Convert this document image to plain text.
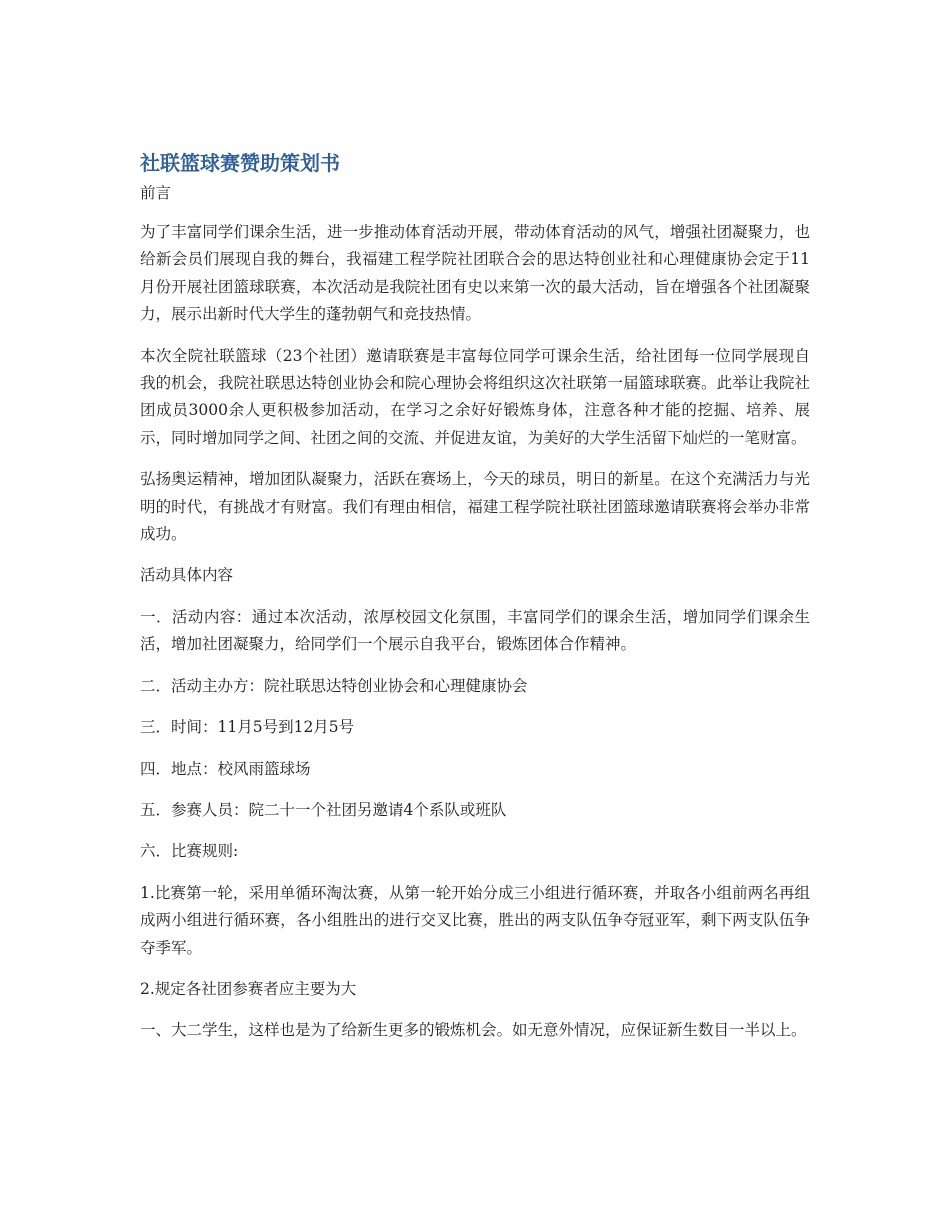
社联篮球赛赞助策划书
前言

为了丰富同学们课余生活，进一步推动体育活动开展，带动体育活动的风气，增强社团凝聚力，也给新会员们展现自我的舞台，我福建工程学院社团联合会的思达特创业社和心理健康协会定于11月份开展社团篮球联赛，本次活动是我院社团有史以来第一次的最大活动，旨在增强各个社团凝聚力，展示出新时代大学生的蓬勃朝气和竞技热情。

本次全院社联篮球（23个社团）邀请联赛是丰富每位同学可课余生活，给社团每一位同学展现自我的机会，我院社联思达特创业协会和院心理协会将组织这次社联第一届篮球联赛。此举让我院社团成员3000余人更积极参加活动，在学习之余好好锻炼身体，注意各种才能的挖掘、培养、展示，同时增加同学之间、社团之间的交流、并促进友谊，为美好的大学生活留下灿烂的一笔财富。

弘扬奥运精神，增加团队凝聚力，活跃在赛场上，今天的球员，明日的新星。在这个充满活力与光明的时代，有挑战才有财富。我们有理由相信，福建工程学院社联社团篮球邀请联赛将会举办非常成功。

活动具体内容

一．活动内容：通过本次活动，浓厚校园文化氛围，丰富同学们的课余生活，增加同学们课余生活，增加社团凝聚力，给同学们一个展示自我平台，锻炼团体合作精神。

二．活动主办方：院社联思达特创业协会和心理健康协会

三．时间：11月5号到12月5号

四．地点：校风雨篮球场

五．参赛人员：院二十一个社团另邀请4个系队或班队

六．比赛规则:

1.比赛第一轮，采用单循环淘汰赛，从第一轮开始分成三小组进行循环赛，并取各小组前两名再组成两小组进行循环赛，各小组胜出的进行交叉比赛，胜出的两支队伍争夺冠亚军，剩下两支队伍争夺季军。

2.规定各社团参赛者应主要为大

一、大二学生，这样也是为了给新生更多的锻炼机会。如无意外情况，应保证新生数目一半以上。
